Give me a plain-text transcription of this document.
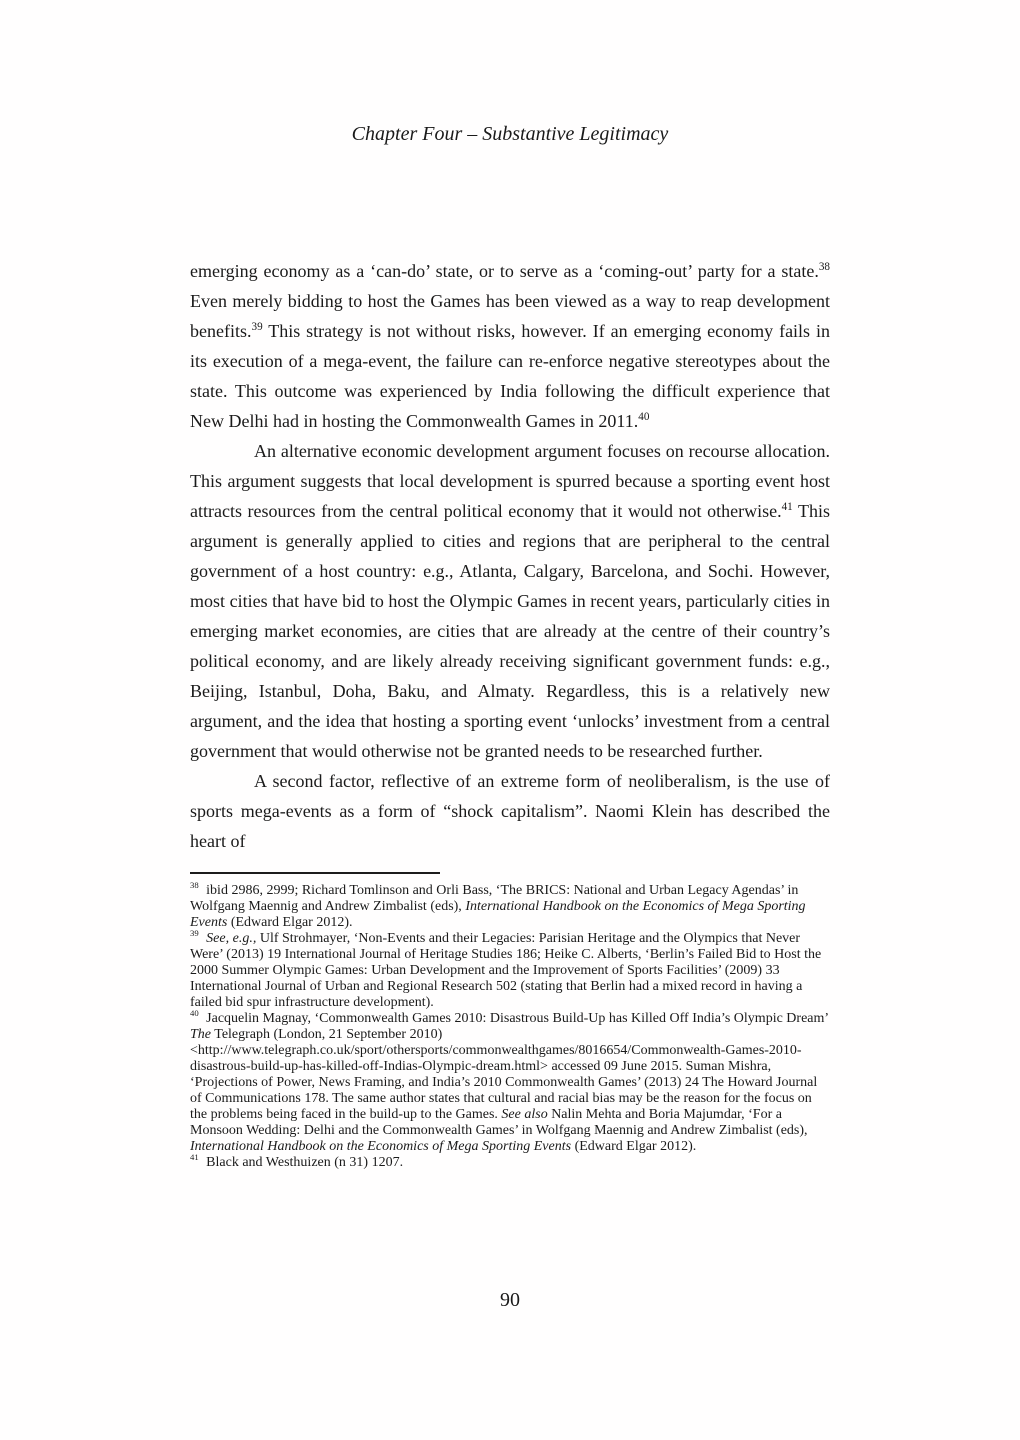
Chapter Four – Substantive Legitimacy

emerging economy as a ‘can-do’ state, or to serve as a ‘coming-out’ party for a state.$^{38}$ Even merely bidding to host the Games has been viewed as a way to reap development benefits.$^{39}$ This strategy is not without risks, however. If an emerging economy fails in its execution of a mega-event, the failure can re-enforce negative stereotypes about the state. This outcome was experienced by India following the difficult experience that New Delhi had in hosting the Commonwealth Games in 2011.40

An alternative economic development argument focuses on recourse allocation. This argument suggests that local development is spurred because a sporting event host attracts resources from the central political economy that it would not otherwise.$^{41}$ This argument is generally applied to cities and regions that are peripheral to the central government of a host country: e.g., Atlanta, Calgary, Barcelona, and Sochi. However, most cities that have bid to host the Olympic Games in recent years, particularly cities in emerging market economies, are cities that are already at the centre of their country’s political economy, and are likely already receiving significant government funds: e.g., Beijing, Istanbul, Doha, Baku, and Almaty. Regardless, this is a relatively new argument, and the idea that hosting a sporting event ‘unlocks’ investment from a central government that would otherwise not be granted needs to be researched further.

A second factor, reflective of an extreme form of neoliberalism, is the use of sports mega-events as a form of “shock capitalism”. Naomi Klein has described the heart of

$^{38}$ ibid 2986, 2999; Richard Tomlinson and Orli Bass, ‘The BRICS: National and Urban Legacy Agendas’ in Wolfgang Maennig and Andrew Zimbalist (eds), International Handbook on the Economics of Mega Sporting Events (Edward Elgar 2012).

$^{39}$ See, e.g., Ulf Strohmayer, ‘Non-Events and their Legacies: Parisian Heritage and the Olympics that Never Were’ (2013) 19 International Journal of Heritage Studies 186; Heike C. Alberts, ‘Berlin’s Failed Bid to Host the 2000 Summer Olympic Games: Urban Development and the Improvement of Sports Facilities’ (2009) 33 International Journal of Urban and Regional Research 502 (stating that Berlin had a mixed record in having a failed bid spur infrastructure development).

$^{40}$ Jacquelin Magnay, ‘Commonwealth Games 2010: Disastrous Build-Up has Killed Off India’s Olympic Dream’ The Telegraph (London, 21 September 2010) <http://www.telegraph.co.uk/sport/othersports/commonwealthgames/8016654/Commonwealth-Games-2010-disastrous-build-up-has-killed-off-Indias-Olympic-dream.html> accessed 09 June 2015. Suman Mishra, ‘Projections of Power, News Framing, and India’s 2010 Commonwealth Games’ (2013) 24 The Howard Journal of Communications 178. The same author states that cultural and racial bias may be the reason for the focus on the problems being faced in the build-up to the Games. See also Nalin Mehta and Boria Majumdar, ‘For a Monsoon Wedding: Delhi and the Commonwealth Games’ in Wolfgang Maennig and Andrew Zimbalist (eds), International Handbook on the Economics of Mega Sporting Events (Edward Elgar 2012).

$^{41}$ Black and Westhuizen (n 31) 1207.

90
